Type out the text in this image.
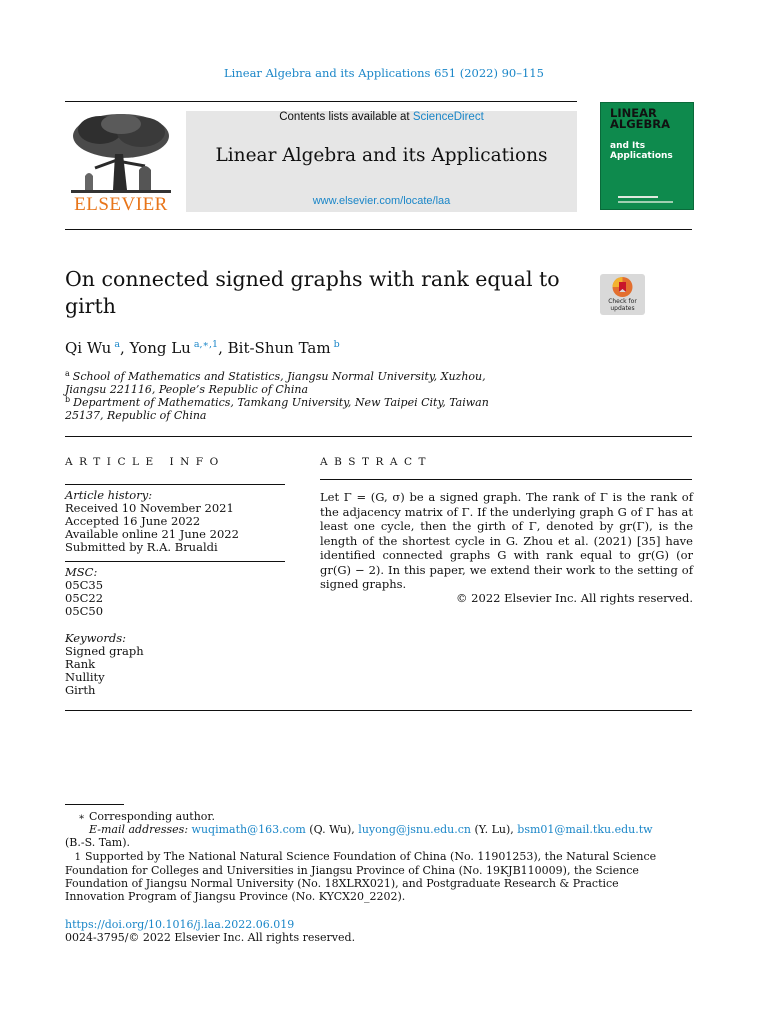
Linear Algebra and its Applications 651 (2022) 90–115
ELSEVIER
Contents lists available at ScienceDirect
Linear Algebra and its Applications
www.elsevier.com/locate/laa
LINEAR
ALGEBRA
and Its
Applications
On connected signed graphs with rank equal to
girth	Check for
updates
Qi Wu  $^a$, Yong Lu  $^{a,∗,1}$, Bit-Shun Tam  $^b$
$^a$ School of Mathematics and Statistics, Jiangsu Normal University, Xuzhou,
Jiangsu 221116, People’s Republic of China
$^b$ Department of Mathematics, Tamkang University, New Taipei City, Taiwan
25137, Republic of China
ARTICLE INFO
Article history:
Received 10 November 2021
Accepted 16 June 2022
Available online 21 June 2022
Submitted by R.A. Brualdi
MSC:
05C35
05C22
05C50
Keywords:
Signed graph
Rank
Nullity
Girth
ABSTRACT
Let Γ = (G, σ) be a signed graph. The rank of Γ is the rank of the adjacency matrix of Γ. If the underlying graph G of Γ has at least one cycle, then the girth of Γ, denoted by gr(Γ), is the length of the shortest cycle in G. Zhou et al. (2021) [35] have identified connected graphs G with rank equal to gr(G) (or gr(G) − 2). In this paper, we extend their work to the setting of signed graphs.
© 2022 Elsevier Inc. All rights reserved.
∗ Corresponding author.
E-mail addresses: wuqimath@163.com (Q. Wu), luyong@jsnu.edu.cn (Y. Lu), bsm01@mail.tku.edu.tw
(B.-S. Tam).
1 Supported by The National Natural Science Foundation of China (No. 11901253), the Natural Science
Foundation for Colleges and Universities in Jiangsu Province of China (No. 19KJB110009), the Science
Foundation of Jiangsu Normal University (No. 18XLRX021), and Postgraduate Research & Practice
Innovation Program of Jiangsu Province (No. KYCX20_2202).
https://doi.org/10.1016/j.laa.2022.06.019
0024-3795/© 2022 Elsevier Inc. All rights reserved.
